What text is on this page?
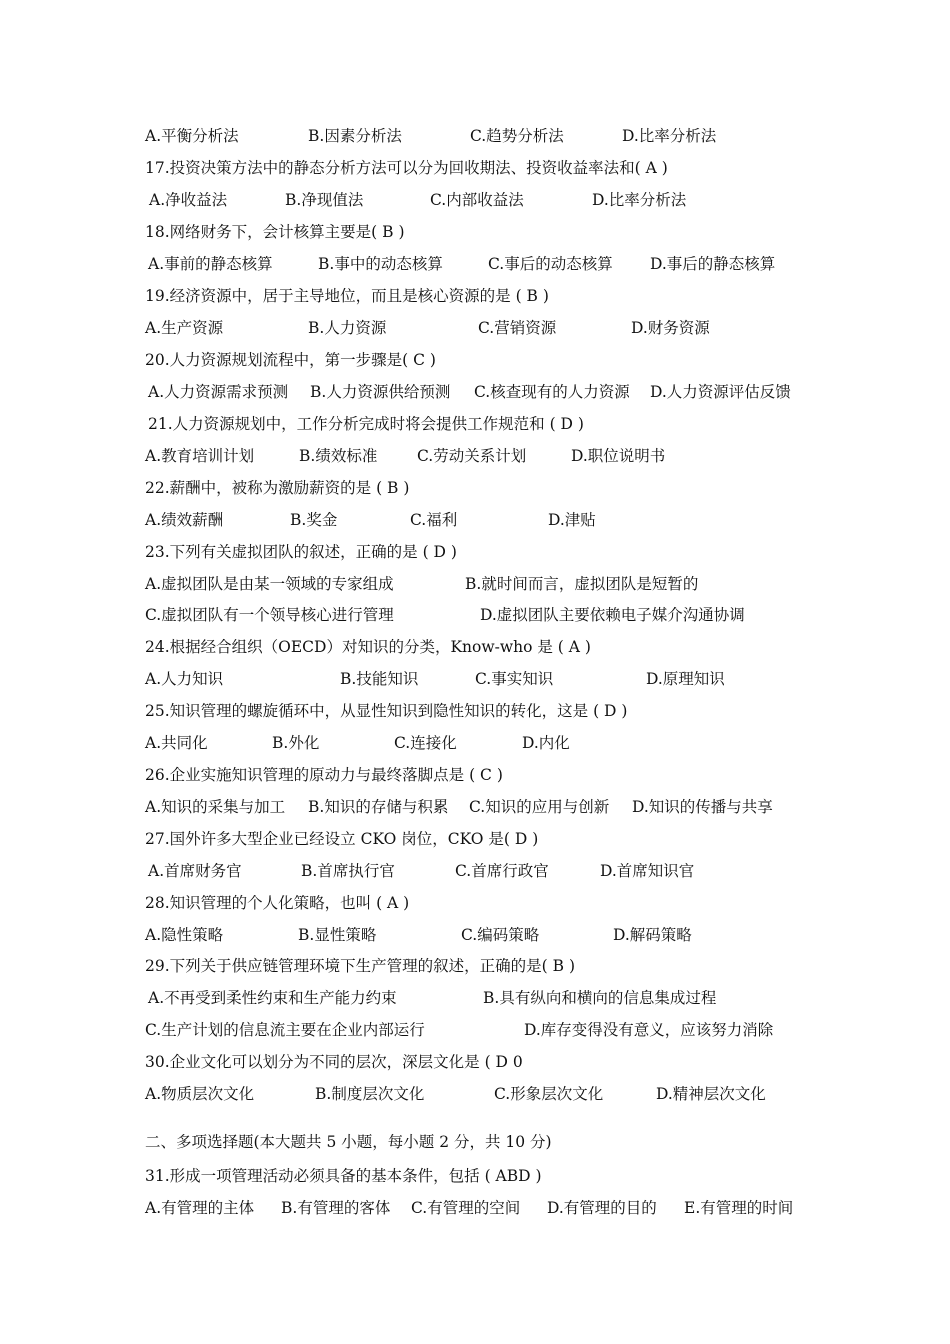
A.平衡分析法	B.因素分析法	C.趋势分析法	D.比率分析法
17.投资决策方法中的静态分析方法可以分为回收期法、投资收益率法和( A )
A.净收益法	B.净现值法	C.内部收益法	D.比率分析法
18.网络财务下，会计核算主要是( B )
A.事前的静态核算	B.事中的动态核算	C.事后的动态核算 D.事后的静态核算
19.经济资源中，居于主导地位，而且是核心资源的是 ( B )
A.生产资源	B.人力资源	C.营销资源	D.财务资源
20.人力资源规划流程中，第一步骤是( C )
A.人力资源需求预测 B.人力资源供给预测 C.核查现有的人力资源 D.人力资源评估反馈
21.人力资源规划中，工作分析完成时将会提供工作规范和 ( D )
A.教育培训计划	B.绩效标准	C.劳动关系计划	D.职位说明书
22.薪酬中，被称为激励薪资的是 ( B )
A.绩效薪酬	B.奖金	C.福利	D.津贴
23.下列有关虚拟团队的叙述，正确的是 ( D )
A.虚拟团队是由某一领域的专家组成	B.就时间而言，虚拟团队是短暂的
C.虚拟团队有一个领导核心进行管理	D.虚拟团队主要依赖电子媒介沟通协调
24.根据经合组织（OECD）对知识的分类，Know-who 是 ( A )
A.人力知识	B.技能知识	C.事实知识	D.原理知识
25.知识管理的螺旋循环中，从显性知识到隐性知识的转化，这是 ( D )
A.共同化	B.外化	C.连接化	D.内化
26.企业实施知识管理的原动力与最终落脚点是 ( C )
A.知识的采集与加工 B.知识的存储与积累 C.知识的应用与创新 D.知识的传播与共享
27.国外许多大型企业已经设立 CKO 岗位，CKO 是( D )
A.首席财务官	B.首席执行官	C.首席行政官	D.首席知识官
28.知识管理的个人化策略，也叫 ( A )
A.隐性策略	B.显性策略	C.编码策略	D.解码策略
29.下列关于供应链管理环境下生产管理的叙述，正确的是( B )
A.不再受到柔性约束和生产能力约束	B.具有纵向和横向的信息集成过程
C.生产计划的信息流主要在企业内部运行	D.库存变得没有意义，应该努力消除
30.企业文化可以划分为不同的层次，深层文化是 ( D 0
A.物质层次文化	B.制度层次文化	C.形象层次文化	D.精神层次文化
二、多项选择题(本大题共 5 小题，每小题 2 分，共 10 分)
31.形成一项管理活动必须具备的基本条件，包括 ( ABD )
A.有管理的主体 B.有管理的客体 C.有管理的空间 D.有管理的目的 E.有管理的时间
